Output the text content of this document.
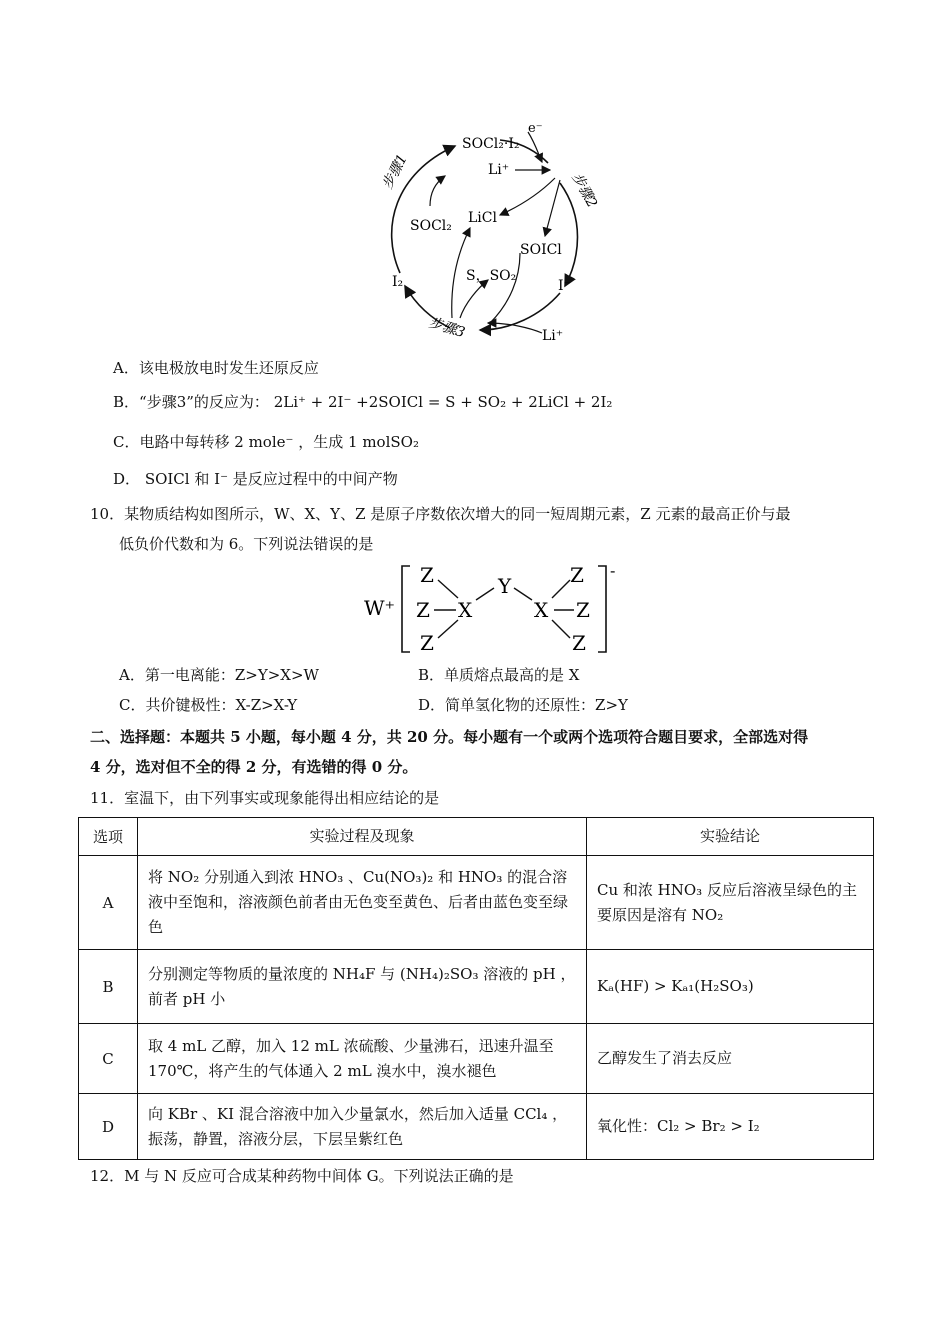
SOCl₂·I₂
e⁻
Li⁺
LiCl
SOCl₂
SOICl
S，SO₂
I₂	I⁻
Li⁺
步骤1	步骤2
步骤3
A．该电极放电时发生还原反应
B．“步骤3”的反应为： 2Li⁺ + 2I⁻ +2SOICl = S + SO₂ + 2LiCl + 2I₂
C．电路中每转移 2 mole⁻ ，生成 1 molSO₂
D． SOICl 和 I⁻ 是反应过程中的中间产物
10．某物质结构如图所示，W、X、Y、Z 是原子序数依次增大的同一短周期元素，Z 元素的最高正价与最
低负价代数和为 6。下列说法错误的是
W⁺
-
Z
Z
Z
X
Y
X
Z
Z
Z
A．第一电离能：Z>Y>X>W	B．单质熔点最高的是 X
C．共价键极性：X-Z>X-Y	D．简单氢化物的还原性：Z>Y
二、选择题：本题共 5 小题，每小题 4 分，共 20 分。每小题有一个或两个选项符合题目要求，全部选对得
4 分，选对但不全的得 2 分，有选错的得 0 分。
11．室温下，由下列事实或现象能得出相应结论的是
选项	实验过程及现象	实验结论
A	将 NO₂ 分别通入到浓 HNO₃ 、Cu(NO₃)₂ 和 HNO₃ 的混合溶液中至饱和，溶液颜色前者由无色变至黄色、后者由蓝色变至绿色	Cu 和浓 HNO₃ 反应后溶液呈绿色的主要原因是溶有 NO₂
B	分别测定等物质的量浓度的 NH₄F 与 (NH₄)₂SO₃ 溶液的 pH ，前者 pH 小	Kₐ(HF) > Kₐ₁(H₂SO₃)
C	取 4 mL 乙醇，加入 12 mL 浓硫酸、少量沸石，迅速升温至 170℃，将产生的气体通入 2 mL 溴水中，溴水褪色	乙醇发生了消去反应
D	向 KBr 、KI 混合溶液中加入少量氯水，然后加入适量 CCl₄ ，振荡，静置，溶液分层，下层呈紫红色	氧化性：Cl₂ > Br₂ > I₂
12．M 与 N 反应可合成某种药物中间体 G。下列说法正确的是
